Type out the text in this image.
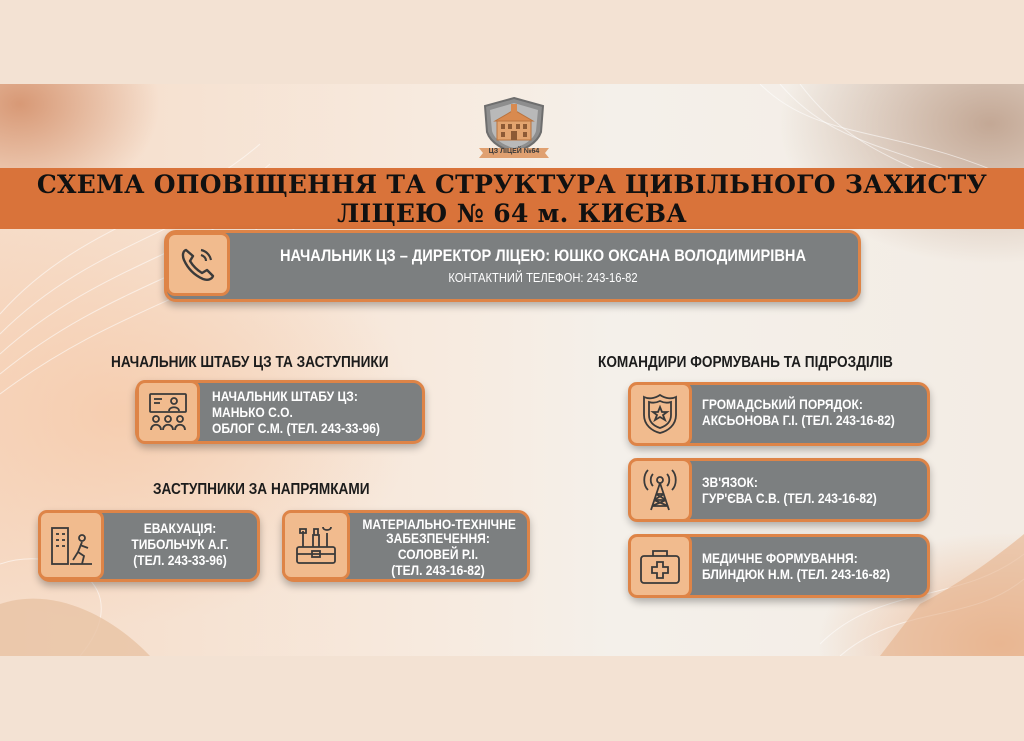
ЦЗ ЛІЦЕЙ №64
СХЕМА ОПОВІЩЕННЯ ТА СТРУКТУРА ЦИВІЛЬНОГО ЗАХИСТУ
ЛІЦЕЮ № 64 м. КИЄВА
НАЧАЛЬНИК ЦЗ – ДИРЕКТОР ЛІЦЕЮ: ЮШКО ОКСАНА ВОЛОДИМИРІВНА
КОНТАКТНИЙ ТЕЛЕФОН: 243-16-82
НАЧАЛЬНИК ШТАБУ ЦЗ ТА ЗАСТУПНИКИ
НАЧАЛЬНИК ШТАБУ ЦЗ:
МАНЬКО С.О.
ОБЛОГ С.М. (ТЕЛ. 243-33-96)
ЗАСТУПНИКИ ЗА НАПРЯМКАМИ
ЕВАКУАЦІЯ:
ТИБОЛЬЧУК А.Г.
(ТЕЛ. 243-33-96)
МАТЕРІАЛЬНО-ТЕХНІЧНЕ
ЗАБЕЗПЕЧЕННЯ:
СОЛОВЕЙ Р.І.
(ТЕЛ. 243-16-82)
КОМАНДИРИ ФОРМУВАНЬ ТА ПІДРОЗДІЛІВ
ГРОМАДСЬКИЙ ПОРЯДОК:
АКСЬОНОВА Г.І. (ТЕЛ. 243-16-82)
ЗВ'ЯЗОК:
ГУР'ЄВА С.В. (ТЕЛ. 243-16-82)
МЕДИЧНЕ ФОРМУВАННЯ:
БЛИНДЮК Н.М. (ТЕЛ. 243-16-82)
